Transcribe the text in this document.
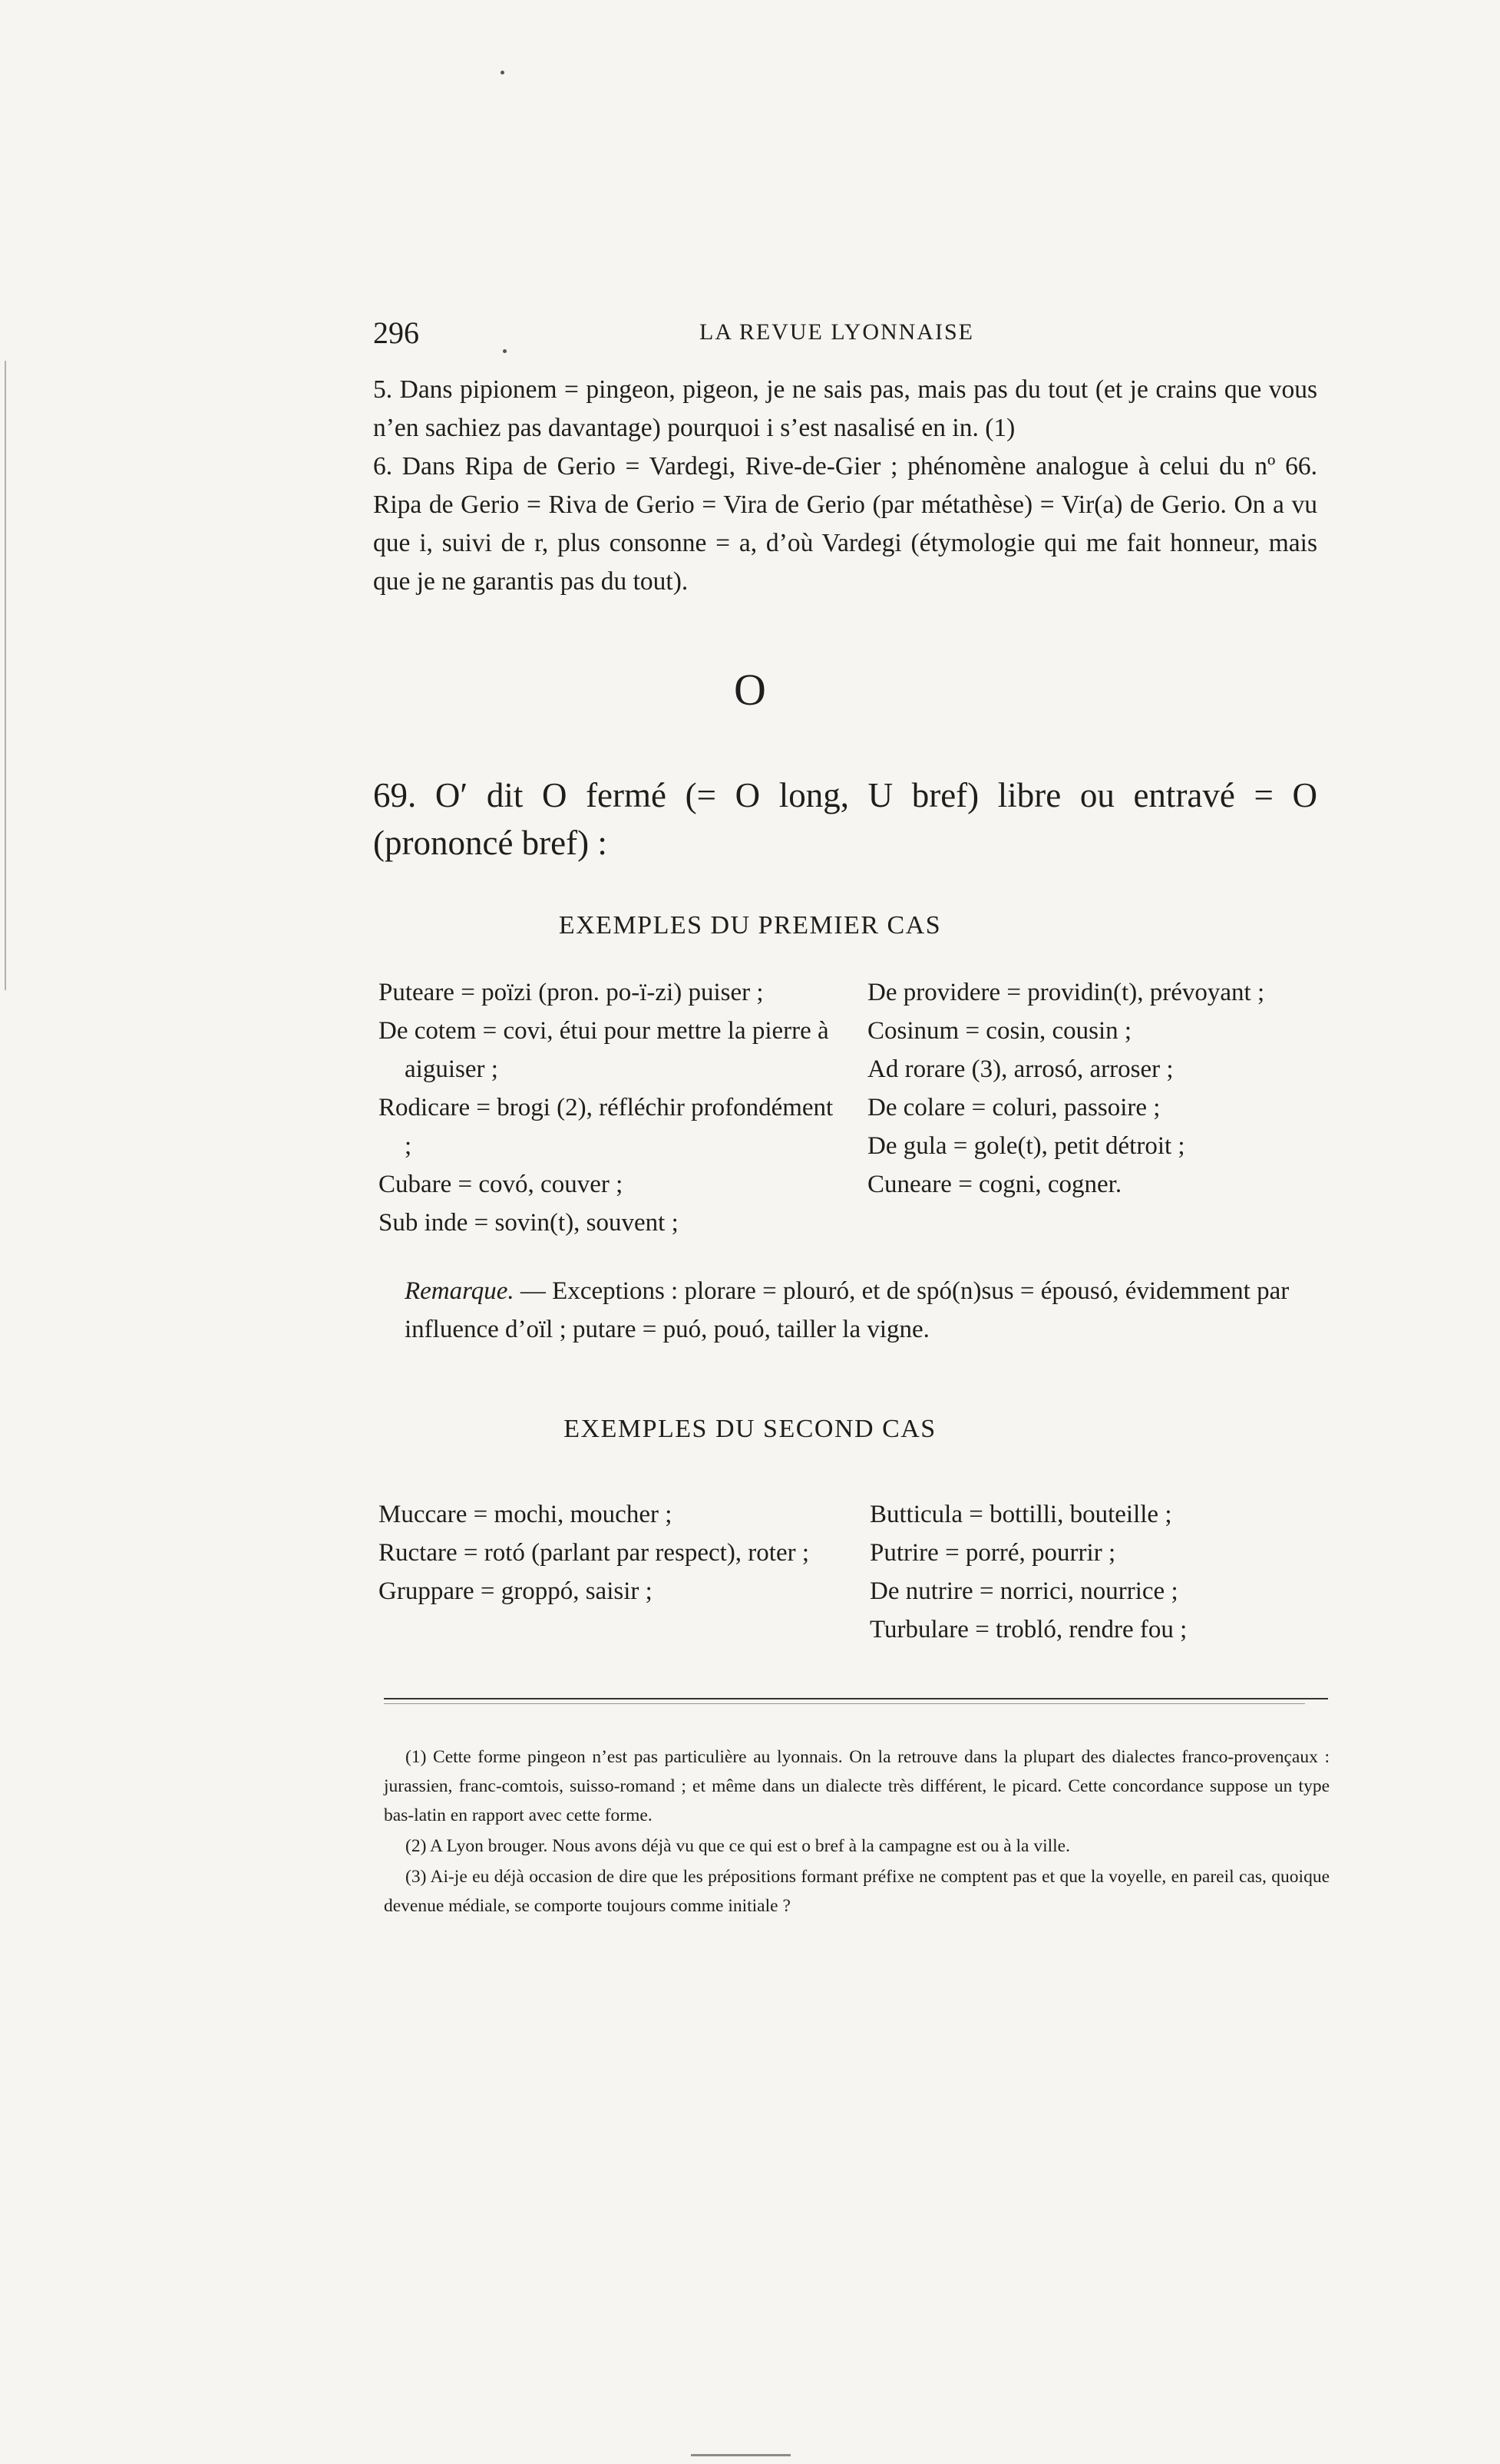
296	LA REVUE LYONNAISE

5. Dans pipionem = pingeon, pigeon, je ne sais pas, mais pas du tout (et je crains que vous n’en sachiez pas davantage) pourquoi i s’est nasalisé en in. (1)

6. Dans Ripa de Gerio = Vardegi, Rive-de-Gier ; phénomène analogue à celui du nº 66. Ripa de Gerio = Riva de Gerio = Vira de Gerio (par métathèse) = Vir(a) de Gerio. On a vu que i, suivi de r, plus consonne = a, d’où Vardegi (étymologie qui me fait honneur, mais que je ne garantis pas du tout).

O
69. O′ dit O fermé (= O long, U bref) libre ou entravé = O (prononcé bref) :
EXEMPLES DU PREMIER CAS

Puteare = poïzi (pron. po-ï-zi) puiser ;

De cotem = covi, étui pour mettre la pierre à aiguiser ;

Rodicare = brogi (2), réfléchir profondément ;

Cubare = covó, couver ;

Sub inde = sovin(t), souvent ;

De providere = providin(t), prévoyant ;

Cosinum = cosin, cousin ;

Ad rorare (3), arrosó, arroser ;

De colare = coluri, passoire ;

De gula = gole(t), petit détroit ;

Cuneare = cogni, cogner.

Remarque. — Exceptions : plorare = plouró, et de spó(n)sus = épousó, évidemment par influence d’oïl ; putare = puó, pouó, tailler la vigne.
EXEMPLES DU SECOND CAS

Muccare = mochi, moucher ;

Ructare = rotó (parlant par respect), roter ;

Gruppare = groppó, saisir ;

Butticula = bottilli, bouteille ;

Putrire = porré, pourrir ;

De nutrire = norrici, nourrice ;

Turbulare = trobló, rendre fou ;

(1) Cette forme pingeon n’est pas particulière au lyonnais. On la retrouve dans la plupart des dialectes franco-provençaux : jurassien, franc-comtois, suisso-romand ; et même dans un dialecte très différent, le picard. Cette concordance suppose un type bas-latin en rapport avec cette forme.

(2) A Lyon brouger. Nous avons déjà vu que ce qui est o bref à la campagne est ou à la ville.

(3) Ai-je eu déjà occasion de dire que les prépositions formant préfixe ne comptent pas et que la voyelle, en pareil cas, quoique devenue médiale, se comporte toujours comme initiale ?
